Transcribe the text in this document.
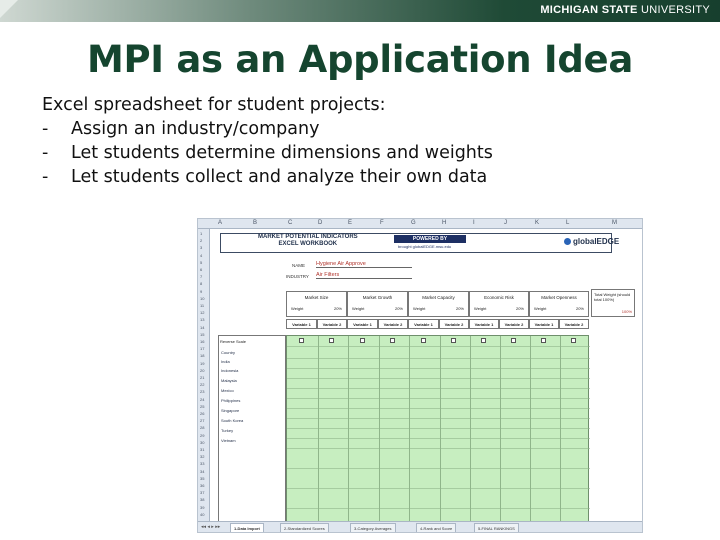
MICHIGAN STATE UNIVERSITY
MPI as an Application Idea
Excel spreadsheet for student projects:
-	Assign an industry/company
-	Let students determine dimensions and weights
-	Let students collect and analyze their own data
A	B	C	D	E	F	G	H	I	J	K	L	M
1
2
3
4
5
6
7
8
9
10
11
12
13
14
15
16
17
18
19
20
21
22
23
24
25
26
27
28
29
30
31
32
33
34
35
36
37
38
39
40
MARKET POTENTIAL INDICATORS
EXCEL WORKBOOK
POWERED BY
brought globalEDGE.msu.edu
globalEDGE
NAME Hygiene Air Approve
INDUSTRY Air Filters
Market Size
Weight	20%
Market Growth
Weight	20%
Market Capacity
Weight	20%
Economic Risk
Weight	20%
Market Openness
Weight	20%
Total Weight (should total 100%)
100%
Variable 1	Variable 2	Variable 1	Variable 2	Variable 1	Variable 2	Variable 1	Variable 2	Variable 1	Variable 2
Country
India
Indonesia
Malaysia
Mexico
Philippines
Singapore
South Korea
Turkey
Vietnam
Reverse Scale
◂◂ ◂ ▸ ▸▸	1-Data Import	2-Standardized Scores	3-Category Averages	4-Rank and Score	5-FINAL RANKINGS
